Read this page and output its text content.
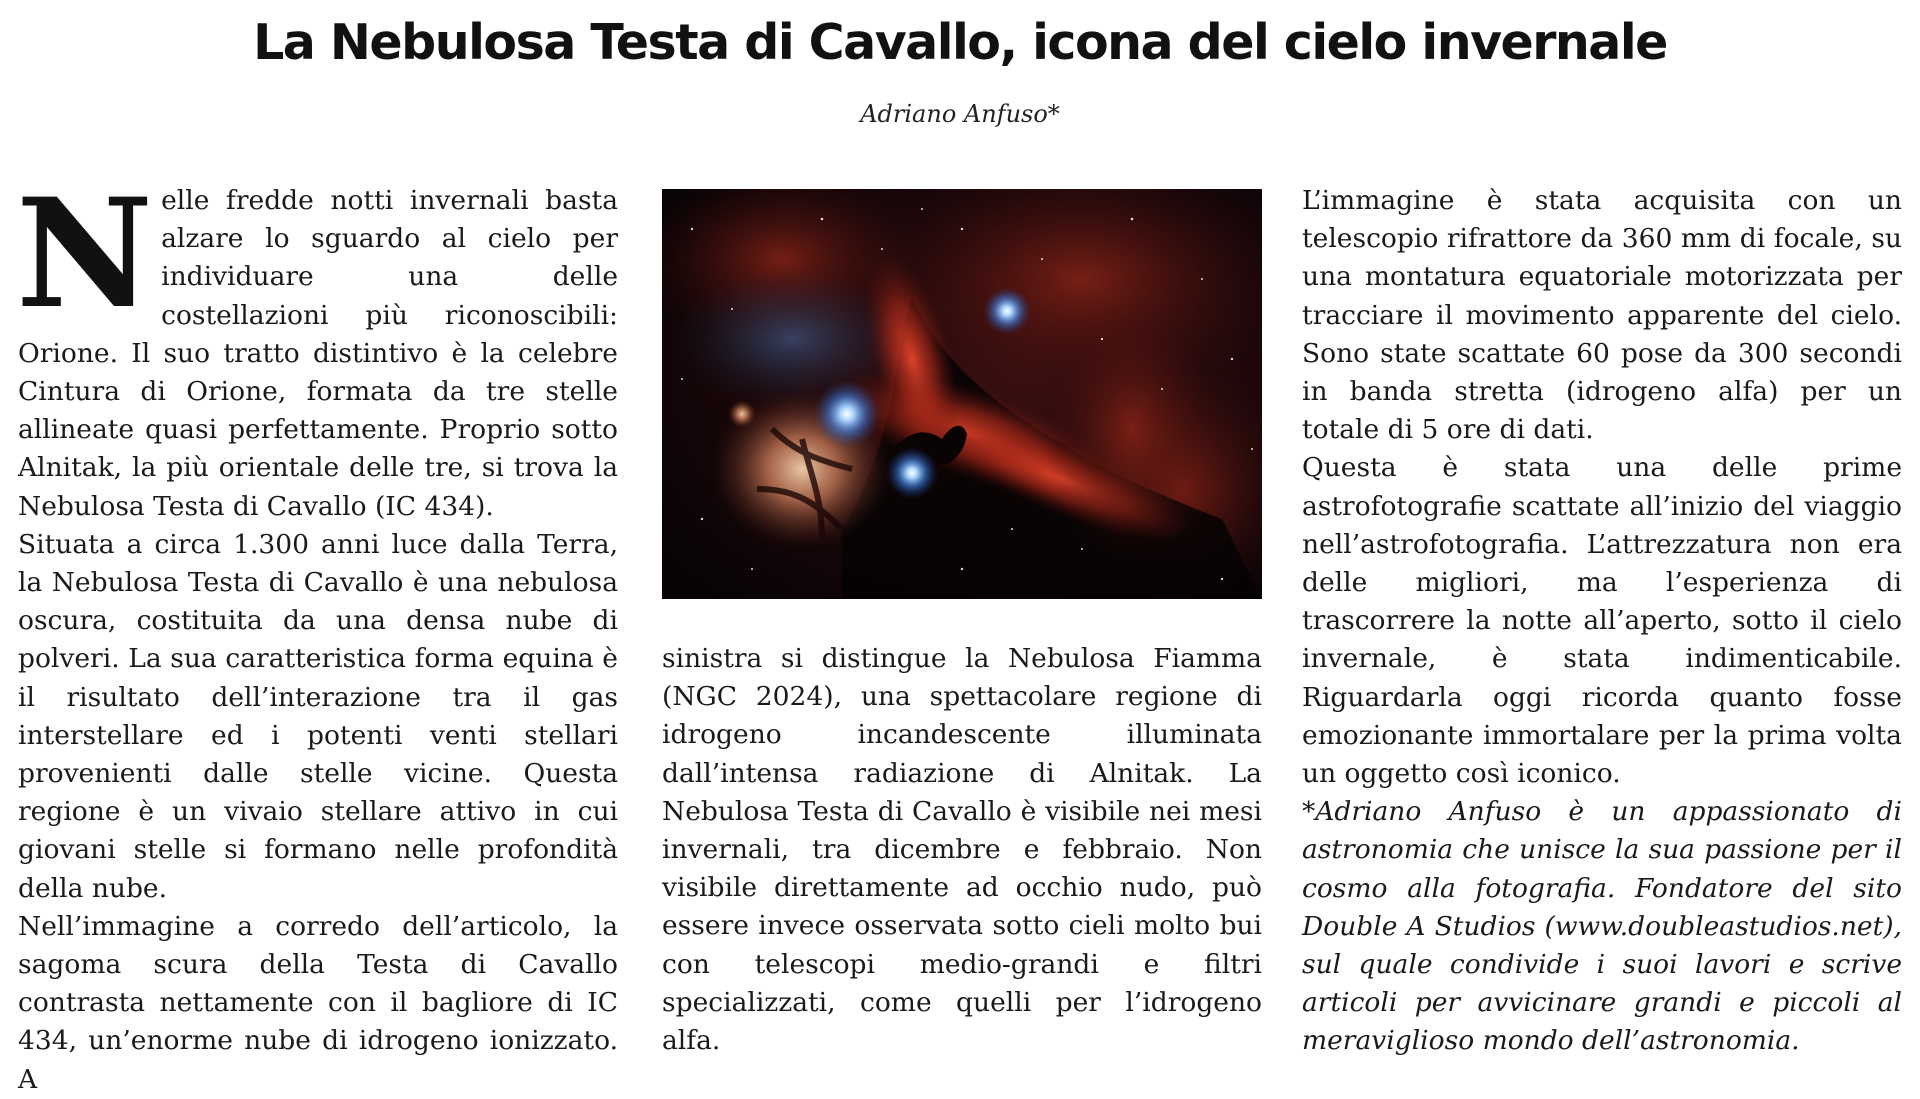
La Nebulosa Testa di Cavallo, icona del cielo invernale
Adriano Anfuso*

Nelle fredde notti invernali basta alzare lo sguardo al cielo per individuare una delle costellazioni più riconoscibili: Orione. Il suo tratto distintivo è la celebre Cintura di Orione, formata da tre stelle allineate quasi perfettamente. Proprio sotto Alnitak, la più orientale delle tre, si trova la Nebulosa Testa di Cavallo (IC 434).

Situata a circa 1.300 anni luce dalla Terra, la Nebulosa Testa di Cavallo è una nebulosa oscura, costituita da una densa nube di polveri. La sua caratteristica forma equina è il risultato dell’interazione tra il gas interstellare ed i potenti venti stellari provenienti dalle stelle vicine. Questa regione è un vivaio stellare attivo in cui giovani stelle si formano nelle profondità della nube.

Nell’immagine a corredo dell’articolo, la sagoma scura della Testa di Cavallo contrasta nettamente con il bagliore di IC 434, un’enorme nube di idrogeno ionizzato. A

sinistra si distingue la Nebulosa Fiamma (NGC 2024), una spettacolare regione di idrogeno incandescente illuminata dall’intensa radiazione di Alnitak. La Nebulosa Testa di Cavallo è visibile nei mesi invernali, tra dicembre e febbraio. Non visibile direttamente ad occhio nudo, può essere invece osservata sotto cieli molto bui con telescopi medio-grandi e filtri specializzati, come quelli per l’idrogeno alfa.

L’immagine è stata acquisita con un telescopio rifrattore da 360 mm di focale, su una montatura equatoriale motorizzata per tracciare il movimento apparente del cielo. Sono state scattate 60 pose da 300 secondi in banda stretta (idrogeno alfa) per un totale di 5 ore di dati.

Questa è stata una delle prime astrofotografie scattate all’inizio del viaggio nell’astrofotografia. L’attrezzatura non era delle migliori, ma l’esperienza di trascorrere la notte all’aperto, sotto il cielo invernale, è stata indimenticabile. Riguardarla oggi ricorda quanto fosse emozionante immortalare per la prima volta un oggetto così iconico.

*Adriano Anfuso è un appassionato di astronomia che unisce la sua passione per il cosmo alla fotografia. Fondatore del sito Double A Studios (www.doubleastudios.net), sul quale condivide i suoi lavori e scrive articoli per avvicinare grandi e piccoli al meraviglioso mondo dell’astronomia.
